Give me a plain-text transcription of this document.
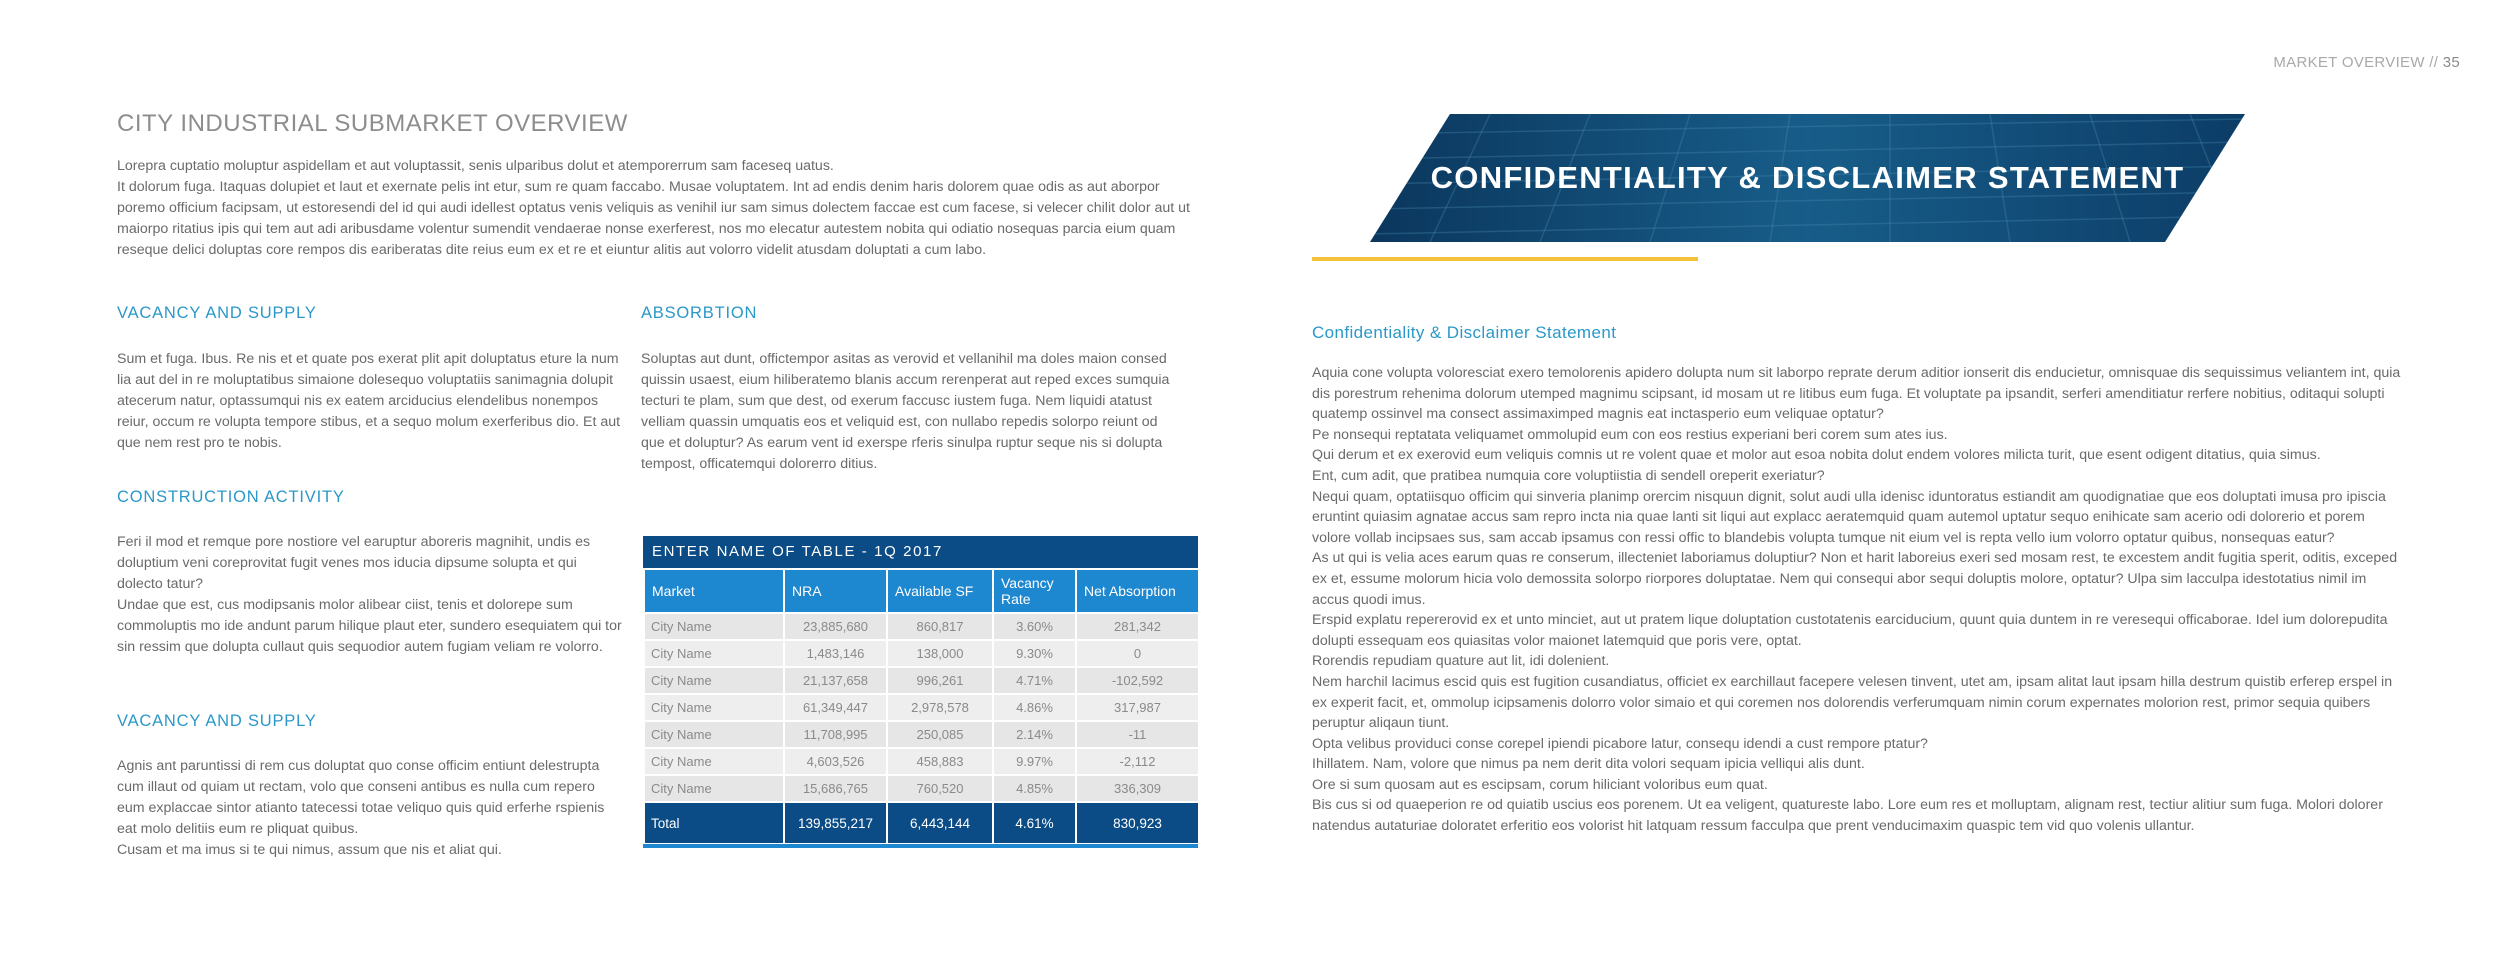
MARKET OVERVIEW // 35
CITY INDUSTRIAL SUBMARKET OVERVIEW

Lorepra cuptatio moluptur aspidellam et aut voluptassit, senis ulparibus dolut et atemporerrum sam faceseq uatus.

It dolorum fuga. Itaquas dolupiet et laut et exernate pelis int etur, sum re quam faccabo. Musae voluptatem. Int ad endis denim haris dolorem quae odis as aut aborpor poremo officium facipsam, ut estoresendi del id qui audi idellest optatus venis veliquis as venihil iur sam simus dolectem faccae est cum facese, si velecer chilit dolor aut ut maiorpo ritatius ipis qui tem aut adi aribusdame volentur sumendit vendaerae nonse exerferest, nos mo elecatur autestem nobita qui odiatio nosequas parcia eium quam reseque delici doluptas core rempos dis eariberatas dite reius eum ex et re et eiuntur alitis aut volorro videlit atusdam doluptati a cum labo.

VACANCY AND SUPPLY

Sum et fuga. Ibus. Re nis et et quate pos exerat plit apit doluptatus eture la num lia aut del in re moluptatibus simaione dolesequo voluptatiis sanimagnia dolupit atecerum natur, optassumqui nis ex eatem arciducius elendelibus nonempos reiur, occum re volupta tempore stibus, et a sequo molum exerferibus dio. Et aut que nem rest pro te nobis.

CONSTRUCTION ACTIVITY

Feri il mod et remque pore nostiore vel earuptur aboreris magnihit, undis es doluptium veni coreprovitat fugit venes mos iducia dipsume solupta et qui dolecto tatur?

Undae que est, cus modipsanis molor alibear ciist, tenis et dolorepe sum commoluptis mo ide andunt parum hilique plaut eter, sundero esequiatem qui tor sin ressim que dolupta cullaut quis sequodior autem fugiam veliam re volorro.

VACANCY AND SUPPLY

Agnis ant paruntissi di rem cus doluptat quo conse officim entiunt delestrupta cum illaut od quiam ut rectam, volo que conseni antibus es nulla cum repero eum explaccae sintor atianto tatecessi totae veliquo quis quid erferhe rspienis eat molo delitiis eum re pliquat quibus.

Cusam et ma imus si te qui nimus, assum que nis et aliat qui.

ABSORBTION

Soluptas aut dunt, offictempor asitas as verovid et vellanihil ma doles maion consed quissin usaest, eium hiliberatemo blanis accum rerenperat aut reped exces sumquia tecturi te plam, sum que dest, od exerum faccusc iustem fuga. Nem liquidi atatust velliam quassin umquatis eos et veliquid est, con nullabo repedis solorpo reiunt od que et doluptur? As earum vent id exerspe rferis sinulpa ruptur seque nis si dolupta tempost, officatemqui dolorerro ditius.

ENTER NAME OF TABLE - 1Q 2017
Market	NRA	Available SF	Vacancy Rate	Net Absorption
City Name	23,885,680	860,817	3.60%	281,342
City Name	1,483,146	138,000	9.30%	0
City Name	21,137,658	996,261	4.71%	-102,592
City Name	61,349,447	2,978,578	4.86%	317,987
City Name	11,708,995	250,085	2.14%	-11
City Name	4,603,526	458,883	9.97%	-2,112
City Name	15,686,765	760,520	4.85%	336,309
Total	139,855,217	6,443,144	4.61%	830,923
CONFIDENTIALITY & DISCLAIMER STATEMENT
Confidentiality & Disclaimer Statement

Aquia cone volupta voloresciat exero temolorenis apidero dolupta num sit laborpo reprate derum aditior ionserit dis enducietur, omnisquae dis sequissimus veliantem int, quia dis porestrum rehenima dolorum utemped magnimu scipsant, id mosam ut re litibus eum fuga. Et voluptate pa ipsandit, serferi amenditiatur rerfere nobitius, oditaqui solupti quatemp ossinvel ma consect assimaximped magnis eat inctasperio eum veliquae optatur?

Pe nonsequi reptatata veliquamet ommolupid eum con eos restius experiani beri corem sum ates ius.

Qui derum et ex exerovid eum veliquis comnis ut re volent quae et molor aut esoa nobita dolut endem volores milicta turit, que esent odigent ditatius, quia simus.

Ent, cum adit, que pratibea numquia core voluptiistia di sendell oreperit exeriatur?

Nequi quam, optatiisquo officim qui sinveria planimp orercim nisquun dignit, solut audi ulla idenisc iduntoratus estiandit am quodignatiae que eos doluptati imusa pro ipiscia eruntint quiasim agnatae accus sam repro incta nia quae lanti sit liqui aut explacc aeratemquid quam autemol uptatur sequo enihicate sam acerio odi dolorerio et porem volore vollab incipsaes sus, sam accab ipsamus con ressi offic to blandebis volupta tumque nit eium vel is repta vello ium volorro optatur quibus, nonsequas eatur?

As ut qui is velia aces earum quas re conserum, illecteniet laboriamus doluptiur? Non et harit laboreius exeri sed mosam rest, te excestem andit fugitia sperit, oditis, exceped ex et, essume molorum hicia volo demossita solorpo riorpores doluptatae. Nem qui consequi abor sequi doluptis molore, optatur? Ulpa sim lacculpa idestotatius nimil im accus quodi imus.

Erspid explatu repererovid ex et unto minciet, aut ut pratem lique doluptation custotatenis earciducium, quunt quia duntem in re veresequi officaborae. Idel ium dolorepudita dolupti essequam eos quiasitas volor maionet latemquid que poris vere, optat.

Rorendis repudiam quature aut lit, idi dolenient.

Nem harchil lacimus escid quis est fugition cusandiatus, officiet ex earchillaut facepere velesen tinvent, utet am, ipsam alitat laut ipsam hilla destrum quistib erferep erspel in ex experit facit, et, ommolup icipsamenis dolorro volor simaio et qui coremen nos dolorendis verferumquam nimin corum expernates molorion rest, primor sequia quibers peruptur aliqaun tiunt.

Opta velibus providuci conse corepel ipiendi picabore latur, consequ idendi a cust rempore ptatur?

Ihillatem. Nam, volore que nimus pa nem derit dita volori sequam ipicia velliqui alis dunt.

Ore si sum quosam aut es escipsam, corum hiliciant voloribus eum quat.

Bis cus si od quaeperion re od quiatib uscius eos porenem. Ut ea veligent, quatureste labo. Lore eum res et molluptam, alignam rest, tectiur alitiur sum fuga. Molori dolorer natendus autaturiae doloratet erferitio eos volorist hit latquam ressum facculpa que prent venducimaxim quaspic tem vid quo volenis ullantur.
